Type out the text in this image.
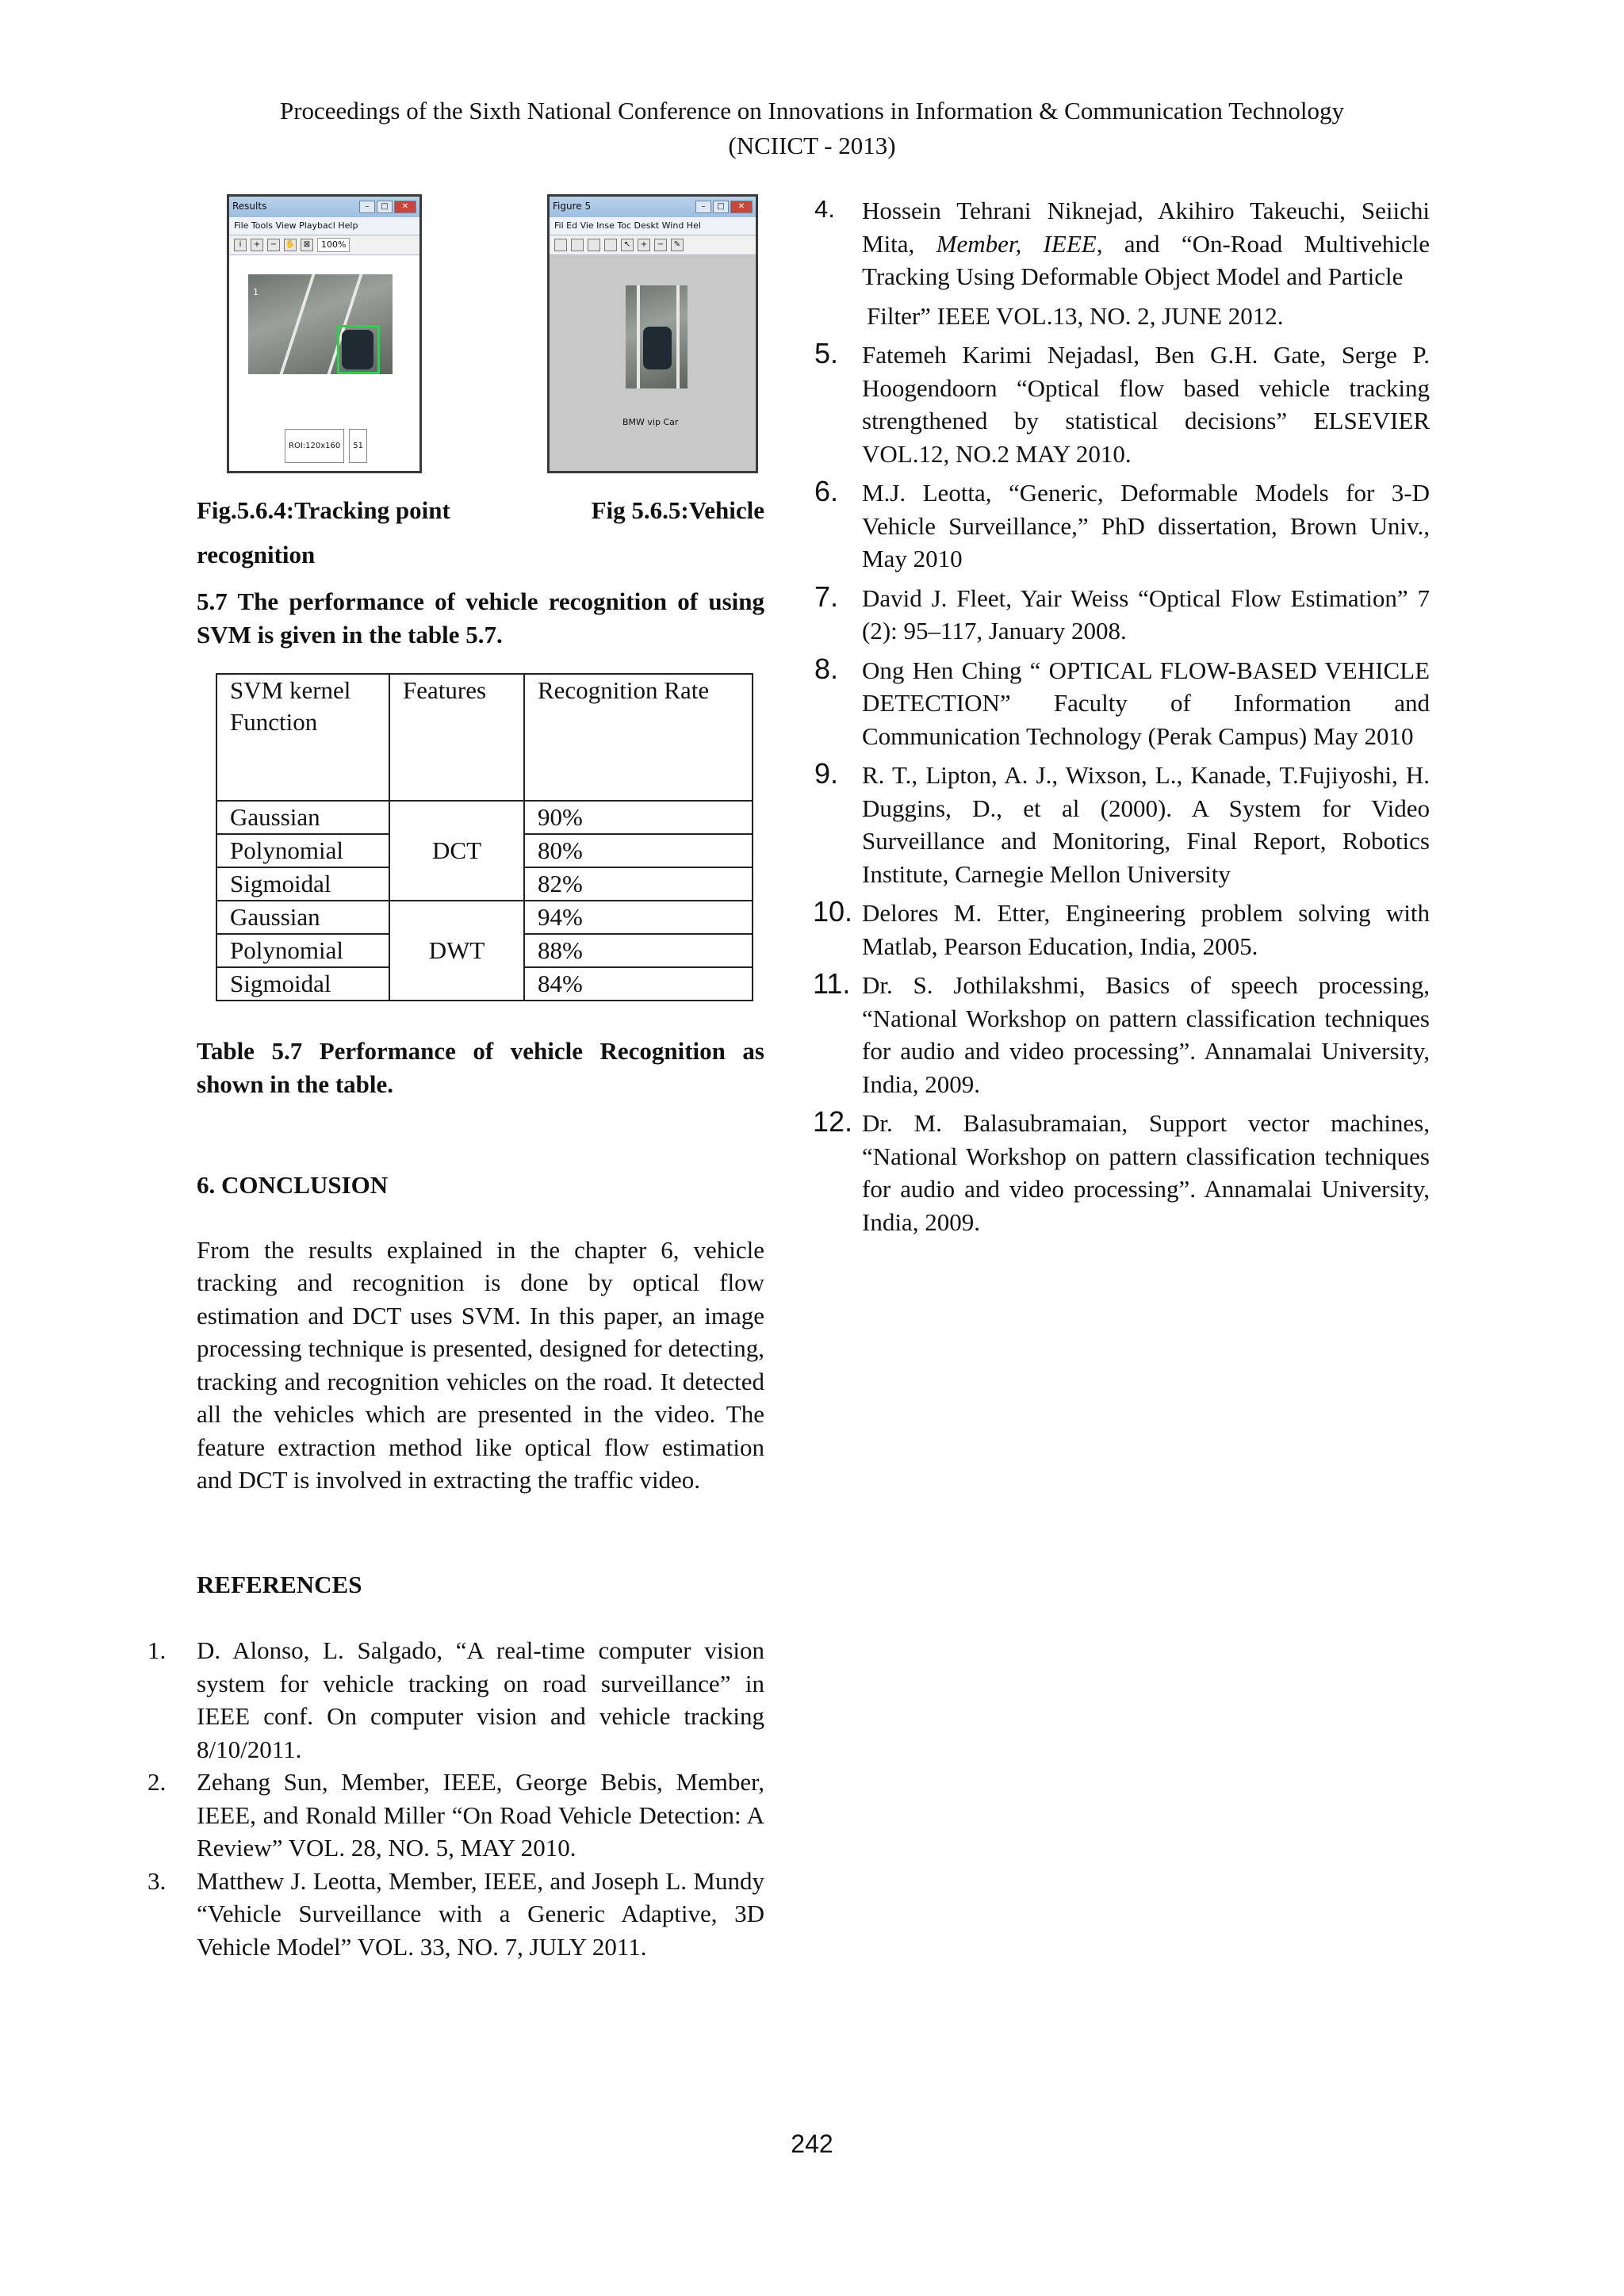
Proceedings of the Sixth National Conference on Innovations in Information & Communication Technology
(NCIICT - 2013)
Results	–	□	✕
File Tools View Playbacl Help
i	+	−	✋	⊠	100%
1
ROI:120x160	51
Figure 5	–	□	✕
Fil Ed Vie Inse Toc Deskt Wind Hel
↖	+	−	✎
BMW vip Car
Fig.5.6.4:Tracking point	Fig 5.6.5:Vehicle
recognition
5.7 The performance of vehicle recognition of using SVM is given in the table 5.7.
SVM kernel Function	Features	Recognition Rate
Gaussian	DCT	90%
Polynomial		80%
Sigmoidal		82%
Gaussian	DWT	94%
Polynomial		88%
Sigmoidal		84%
Table 5.7 Performance of vehicle Recognition as shown in the table.
6. CONCLUSION
From the results explained in the chapter 6, vehicle tracking and recognition is done by optical flow estimation and DCT uses SVM. In this paper, an image processing technique is presented, designed for detecting, tracking and recognition vehicles on the road. It detected all the vehicles which are presented in the video. The feature extraction method like optical flow estimation and DCT is involved in extracting the traffic video.
REFERENCES
1. D. Alonso, L. Salgado, “A real-time computer vision system for vehicle tracking on road surveillance” in IEEE conf. On computer vision and vehicle tracking 8/10/2011.
2. Zehang Sun, Member, IEEE, George Bebis, Member, IEEE, and Ronald Miller “On Road Vehicle Detection: A Review” VOL. 28, NO. 5, MAY 2010.
3. Matthew J. Leotta, Member, IEEE, and Joseph L. Mundy “Vehicle Surveillance with a Generic Adaptive, 3D Vehicle Model” VOL. 33, NO. 7, JULY 2011.
4. Hossein Tehrani Niknejad, Akihiro Takeuchi, Seiichi Mita, Member, IEEE, and “On-Road Multivehicle Tracking Using Deformable Object Model and Particle
Filter” IEEE VOL.13, NO. 2, JUNE 2012.
5. Fatemeh Karimi Nejadasl, Ben G.H. Gate, Serge P. Hoogendoorn “Optical flow based vehicle tracking strengthened by statistical decisions” ELSEVIER VOL.12, NO.2 MAY 2010.
6. M.J. Leotta, “Generic, Deformable Models for 3-D Vehicle Surveillance,” PhD dissertation, Brown Univ., May 2010
7. David J. Fleet, Yair Weiss “Optical Flow Estimation” 7 (2): 95–117, January 2008.
8. Ong Hen Ching “ OPTICAL FLOW-BASED VEHICLE DETECTION” Faculty of Information and Communication Technology (Perak Campus) May 2010
9. R. T., Lipton, A. J., Wixson, L., Kanade, T.Fujiyoshi, H. Duggins, D., et al (2000). A System for Video Surveillance and Monitoring, Final Report, Robotics Institute, Carnegie Mellon University
10. Delores M. Etter, Engineering problem solving with Matlab, Pearson Education, India, 2005.
11. Dr. S. Jothilakshmi, Basics of speech processing, “National Workshop on pattern classification techniques for audio and video processing”. Annamalai University, India, 2009.
12. Dr. M. Balasubramaian, Support vector machines, “National Workshop on pattern classification techniques for audio and video processing”. Annamalai University, India, 2009.
242
